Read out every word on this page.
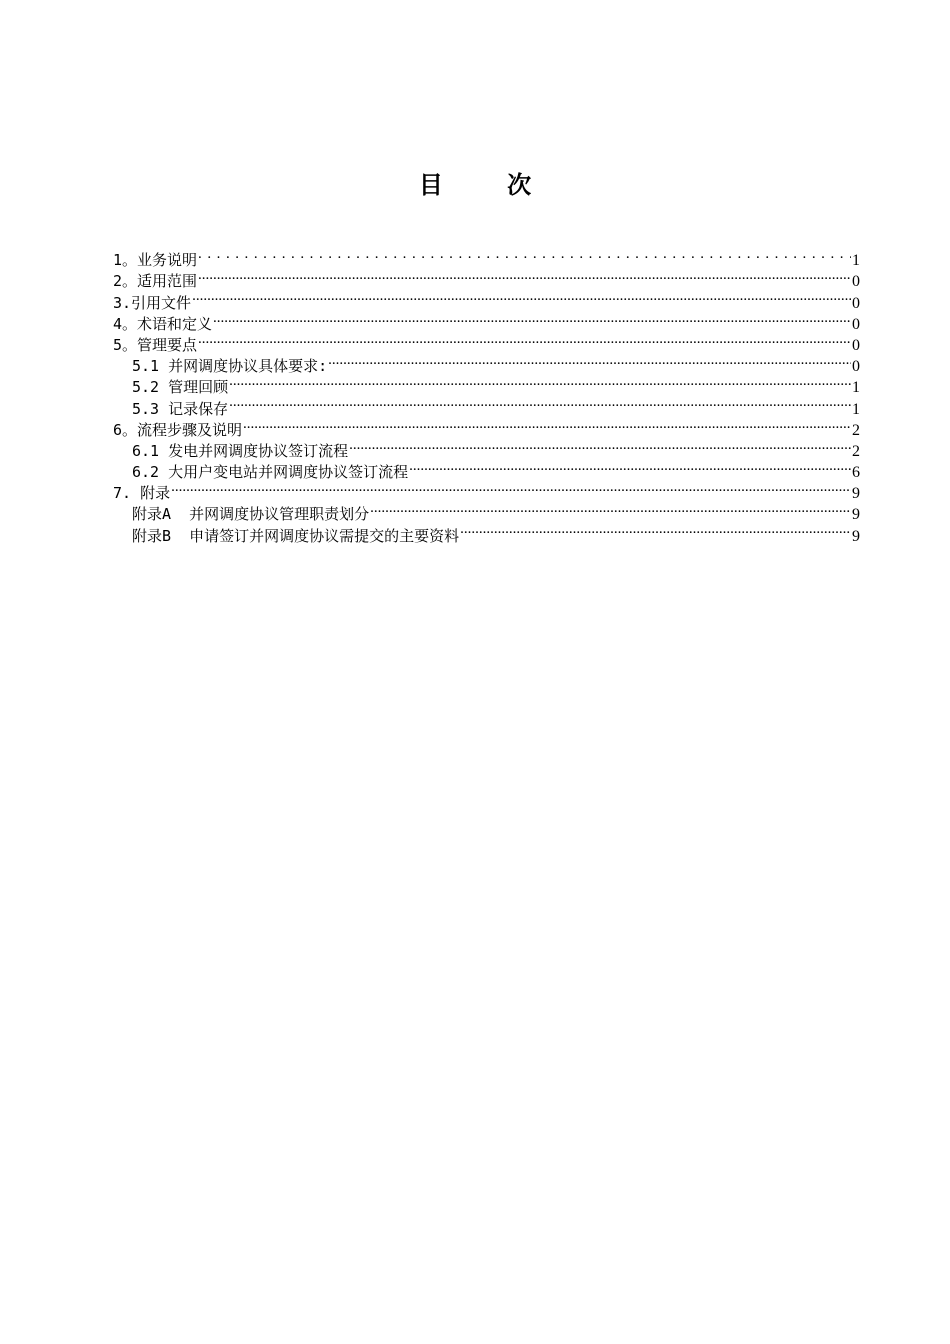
目 次
1。业务说明 . . .	1
2。适用范围 .....	0
3.引用文件 .....	0
4。术语和定义 .....	0
5。管理要点 .....	0
5.1 并网调度协议具体要求: .....	0
5.2 管理回顾 .....	1
5.3 记录保存 .....	1
6。流程步骤及说明 .....	2
6.1 发电并网调度协议签订流程 .....	2
6.2 大用户变电站并网调度协议签订流程 .....	6
7. 附录 .....	9
附录A  并网调度协议管理职责划分 .....	9
附录B  申请签订并网调度协议需提交的主要资料 .....	9
